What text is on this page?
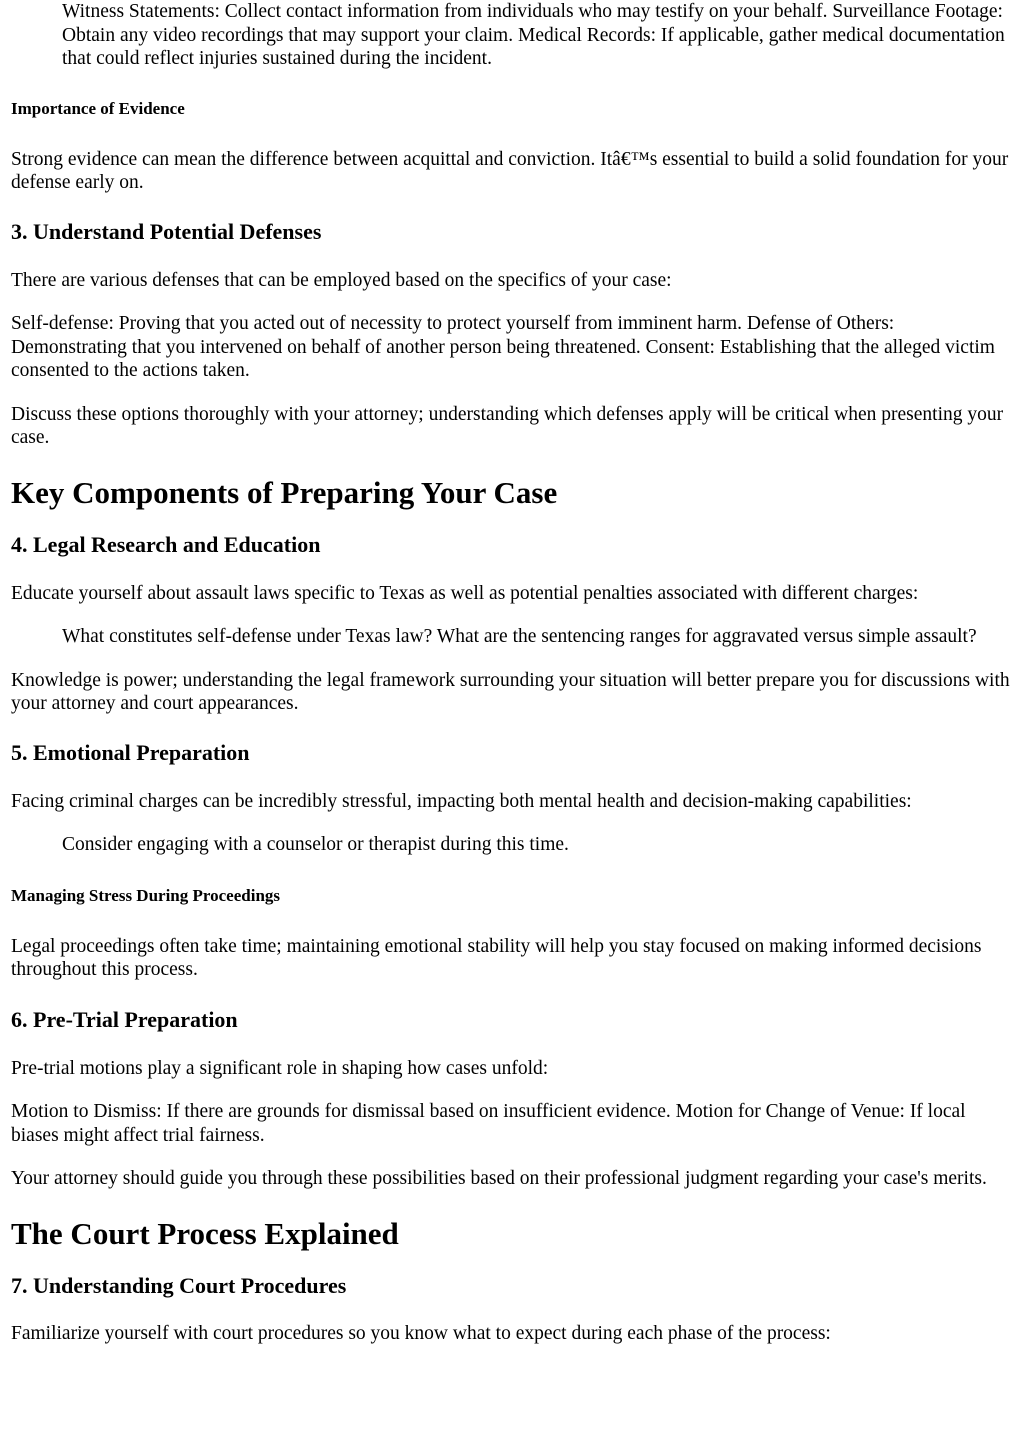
Witness Statements: Collect contact information from individuals who may testify on your behalf. Surveillance Footage: Obtain any video recordings that may support your claim. Medical Records: If applicable, gather medical documentation that could reflect injuries sustained during the incident.

Importance of Evidence

Strong evidence can mean the difference between acquittal and conviction. Itâ€™s essential to build a solid foundation for your defense early on.

3. Understand Potential Defenses

There are various defenses that can be employed based on the specifics of your case:

Self-defense: Proving that you acted out of necessity to protect yourself from imminent harm. Defense of Others: Demonstrating that you intervened on behalf of another person being threatened. Consent: Establishing that the alleged victim consented to the actions taken.

Discuss these options thoroughly with your attorney; understanding which defenses apply will be critical when presenting your case.

Key Components of Preparing Your Case
4. Legal Research and Education

Educate yourself about assault laws specific to Texas as well as potential penalties associated with different charges:

What constitutes self-defense under Texas law? What are the sentencing ranges for aggravated versus simple assault?

Knowledge is power; understanding the legal framework surrounding your situation will better prepare you for discussions with your attorney and court appearances.

5. Emotional Preparation

Facing criminal charges can be incredibly stressful, impacting both mental health and decision-making capabilities:

Consider engaging with a counselor or therapist during this time.

Managing Stress During Proceedings

Legal proceedings often take time; maintaining emotional stability will help you stay focused on making informed decisions throughout this process.

6. Pre-Trial Preparation

Pre-trial motions play a significant role in shaping how cases unfold:

Motion to Dismiss: If there are grounds for dismissal based on insufficient evidence. Motion for Change of Venue: If local biases might affect trial fairness.

Your attorney should guide you through these possibilities based on their professional judgment regarding your case's merits.

The Court Process Explained
7. Understanding Court Procedures

Familiarize yourself with court procedures so you know what to expect during each phase of the process:
